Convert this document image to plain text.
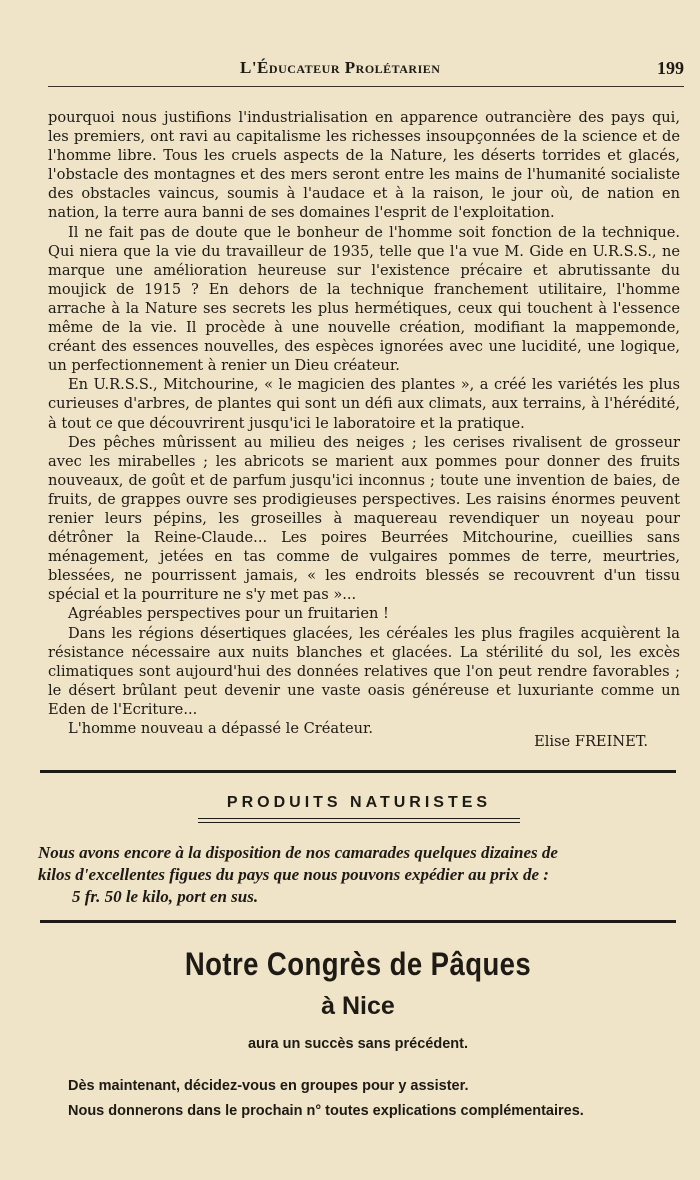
L'Éducateur Prolétarien	199

pourquoi nous justifions l'industrialisation en apparence outrancière des pays qui, les premiers, ont ravi au capitalisme les richesses insoupçonnées de la science et de l'homme libre. Tous les cruels aspects de la Nature, les déserts torrides et glacés, l'obstacle des montagnes et des mers seront entre les mains de l'humanité socialiste des obstacles vaincus, soumis à l'audace et à la raison, le jour où, de nation en nation, la terre aura banni de ses domaines l'esprit de l'exploitation.

Il ne fait pas de doute que le bonheur de l'homme soit fonction de la technique. Qui niera que la vie du travailleur de 1935, telle que l'a vue M. Gide en U.R.S.S., ne marque une amélioration heureuse sur l'existence précaire et abrutissante du moujick de 1915 ? En dehors de la technique franchement utilitaire, l'homme arrache à la Nature ses secrets les plus hermétiques, ceux qui touchent à l'essence même de la vie. Il procède à une nouvelle création, modifiant la mappemonde, créant des essences nouvelles, des espèces ignorées avec une lucidité, une logique, un perfectionnement à renier un Dieu créateur.

En U.R.S.S., Mitchourine, « le magicien des plantes », a créé les variétés les plus curieuses d'arbres, de plantes qui sont un défi aux climats, aux terrains, à l'hérédité, à tout ce que découvrirent jusqu'ici le laboratoire et la pratique.

Des pêches mûrissent au milieu des neiges ; les cerises rivalisent de grosseur avec les mirabelles ; les abricots se marient aux pommes pour donner des fruits nouveaux, de goût et de parfum jusqu'ici inconnus ; toute une invention de baies, de fruits, de grappes ouvre ses prodigieuses perspectives. Les raisins énormes peuvent renier leurs pépins, les groseilles à maquereau revendiquer un noyeau pour détrôner la Reine-Claude... Les poires Beurrées Mitchourine, cueillies sans ménagement, jetées en tas comme de vulgaires pommes de terre, meurtries, blessées, ne pourrissent jamais, « les endroits blessés se recouvrent d'un tissu spécial et la pourriture ne s'y met pas »...

Agréables perspectives pour un fruitarien !

Dans les régions désertiques glacées, les céréales les plus fragiles acquièrent la résistance nécessaire aux nuits blanches et glacées. La stérilité du sol, les excès climatiques sont aujourd'hui des données relatives que l'on peut rendre favorables ; le désert brûlant peut devenir une vaste oasis généreuse et luxuriante comme un Eden de l'Ecriture...

L'homme nouveau a dépassé le Créateur.

Elise FREINET.
PRODUITS NATURISTES
Nous avons encore à la disposition de nos camarades quelques dizaines de
kilos d'excellentes figues du pays que nous pouvons expédier au prix de :
5 fr. 50 le kilo, port en sus.
Notre Congrès de Pâques
à Nice
aura un succès sans précédent.
Dès maintenant, décidez-vous en groupes pour y assister.
Nous donnerons dans le prochain n° toutes explications complémentaires.
